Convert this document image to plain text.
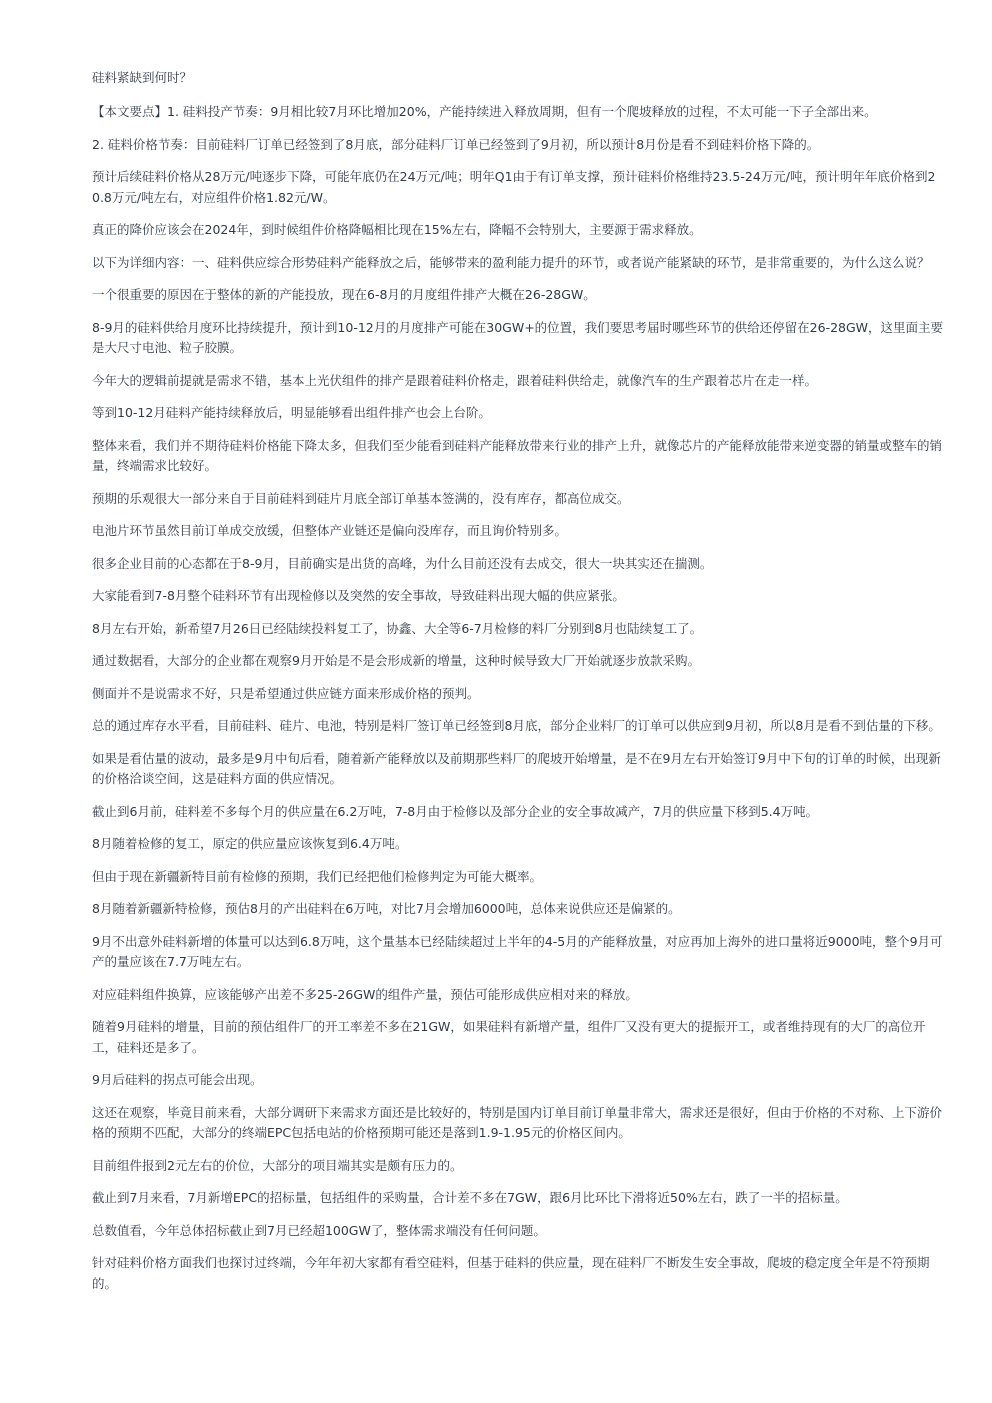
硅料紧缺到何时？

【本文要点】1. 硅料投产节奏：9月相比较7月环比增加20%，产能持续进入释放周期，但有一个爬坡释放的过程，不太可能一下子全部出来。

2. 硅料价格节奏：目前硅料厂订单已经签到了8月底，部分硅料厂订单已经签到了9月初，所以预计8月份是看不到硅料价格下降的。

预计后续硅料价格从28万元/吨逐步下降，可能年底仍在24万元/吨；明年Q1由于有订单支撑，预计硅料价格维持23.5-24万元/吨，预计明年年底价格到20.8万元/吨左右，对应组件价格1.82元/W。

真正的降价应该会在2024年，到时候组件价格降幅相比现在15%左右，降幅不会特别大，主要源于需求释放。

以下为详细内容：一、硅料供应综合形势硅料产能释放之后，能够带来的盈利能力提升的环节，或者说产能紧缺的环节，是非常重要的，为什么这么说？

一个很重要的原因在于整体的新的产能投放，现在6-8月的月度组件排产大概在26-28GW。

8-9月的硅料供给月度环比持续提升，预计到10-12月的月度排产可能在30GW+的位置，我们要思考届时哪些环节的供给还停留在26-28GW，这里面主要是大尺寸电池、粒子胶膜。

今年大的逻辑前提就是需求不错，基本上光伏组件的排产是跟着硅料价格走，跟着硅料供给走，就像汽车的生产跟着芯片在走一样。

等到10-12月硅料产能持续释放后，明显能够看出组件排产也会上台阶。

整体来看，我们并不期待硅料价格能下降太多，但我们至少能看到硅料产能释放带来行业的排产上升，就像芯片的产能释放能带来逆变器的销量或整车的销量，终端需求比较好。

预期的乐观很大一部分来自于目前硅料到硅片月底全部订单基本签满的，没有库存，都高位成交。

电池片环节虽然目前订单成交放缓，但整体产业链还是偏向没库存，而且询价特别多。

很多企业目前的心态都在于8-9月，目前确实是出货的高峰，为什么目前还没有去成交，很大一块其实还在揣测。

大家能看到7-8月整个硅料环节有出现检修以及突然的安全事故，导致硅料出现大幅的供应紧张。

8月左右开始，新希望7月26日已经陆续投料复工了，协鑫、大全等6-7月检修的料厂分别到8月也陆续复工了。

通过数据看，大部分的企业都在观察9月开始是不是会形成新的增量，这种时候导致大厂开始就逐步放款采购。

侧面并不是说需求不好，只是希望通过供应链方面来形成价格的预判。

总的通过库存水平看，目前硅料、硅片、电池，特别是料厂签订单已经签到8月底，部分企业料厂的订单可以供应到9月初，所以8月是看不到估量的下移。

如果是看估量的波动，最多是9月中旬后看，随着新产能释放以及前期那些料厂的爬坡开始增量，是不在9月左右开始签订9月中下旬的订单的时候，出现新的价格洽谈空间，这是硅料方面的供应情况。

截止到6月前，硅料差不多每个月的供应量在6.2万吨，7-8月由于检修以及部分企业的安全事故减产，7月的供应量下移到5.4万吨。

8月随着检修的复工，原定的供应量应该恢复到6.4万吨。

但由于现在新疆新特目前有检修的预期，我们已经把他们检修判定为可能大概率。

8月随着新疆新特检修，预估8月的产出硅料在6万吨，对比7月会增加6000吨，总体来说供应还是偏紧的。

9月不出意外硅料新增的体量可以达到6.8万吨，这个量基本已经陆续超过上半年的4-5月的产能释放量，对应再加上海外的进口量将近9000吨，整个9月可产的量应该在7.7万吨左右。

对应硅料组件换算，应该能够产出差不多25-26GW的组件产量，预估可能形成供应相对来的释放。

随着9月硅料的增量，目前的预估组件厂的开工率差不多在21GW，如果硅料有新增产量，组件厂又没有更大的提振开工，或者维持现有的大厂的高位开工，硅料还是多了。

9月后硅料的拐点可能会出现。

这还在观察，毕竟目前来看，大部分调研下来需求方面还是比较好的，特别是国内订单目前订单量非常大，需求还是很好，但由于价格的不对称、上下游价格的预期不匹配，大部分的终端EPC包括电站的价格预期可能还是落到1.9-1.95元的价格区间内。

目前组件报到2元左右的价位，大部分的项目端其实是颇有压力的。

截止到7月来看，7月新增EPC的招标量，包括组件的采购量，合计差不多在7GW，跟6月比环比下滑将近50%左右，跌了一半的招标量。

总数值看，今年总体招标截止到7月已经超100GW了，整体需求端没有任何问题。

针对硅料价格方面我们也探讨过终端，今年年初大家都有看空硅料，但基于硅料的供应量，现在硅料厂不断发生安全事故，爬坡的稳定度全年是不符预期的。
